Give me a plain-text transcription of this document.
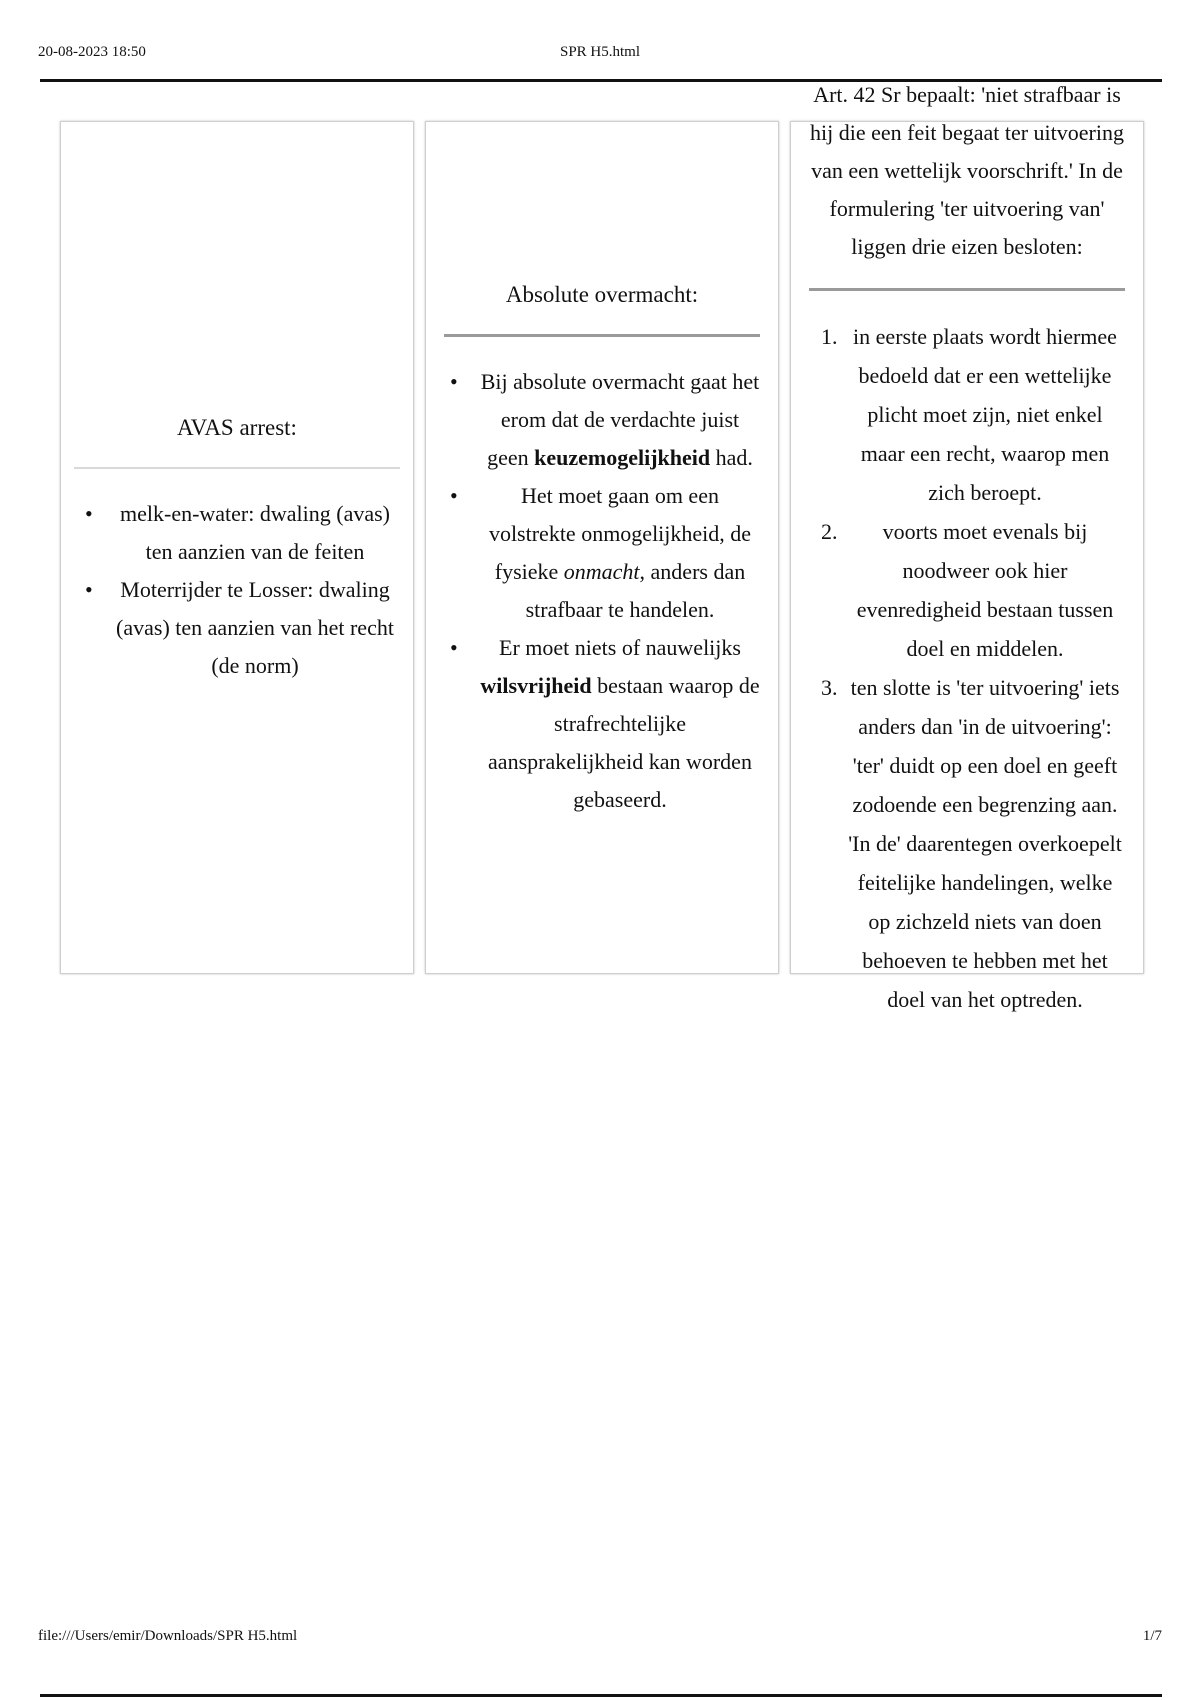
20-08-2023 18:50	SPR H5.html

AVAS arrest:

• melk-en-water: dwaling (avas) ten aanzien van de feiten
• Moterrijder te Losser: dwaling (avas) ten aanzien van het recht (de norm)

Absolute overmacht:

• Bij absolute overmacht gaat het erom dat de verdachte juist geen keuzemogelijkheid had.
• Het moet gaan om een volstrekte onmogelijkheid, de fysieke onmacht, anders dan strafbaar te handelen.
• Er moet niets of nauwelijks wilsvrijheid bestaan waarop de strafrechtelijke aansprakelijkheid kan worden gebaseerd.

Art. 42 Sr bepaalt: 'niet strafbaar is hij die een feit begaat ter uitvoering van een wettelijk voorschrift.' In de formulering 'ter uitvoering van' liggen drie eizen besloten:

1. in eerste plaats wordt hiermee bedoeld dat er een wettelijke plicht moet zijn, niet enkel maar een recht, waarop men zich beroept.
2. voorts moet evenals bij noodweer ook hier evenredigheid bestaan tussen doel en middelen.
3. ten slotte is 'ter uitvoering' iets anders dan 'in de uitvoering': 'ter' duidt op een doel en geeft zodoende een begrenzing aan. 'In de' daarentegen overkoepelt feitelijke handelingen, welke op zichzeld niets van doen behoeven te hebben met het doel van het optreden.
file:///Users/emir/Downloads/SPR H5.html	1/7
